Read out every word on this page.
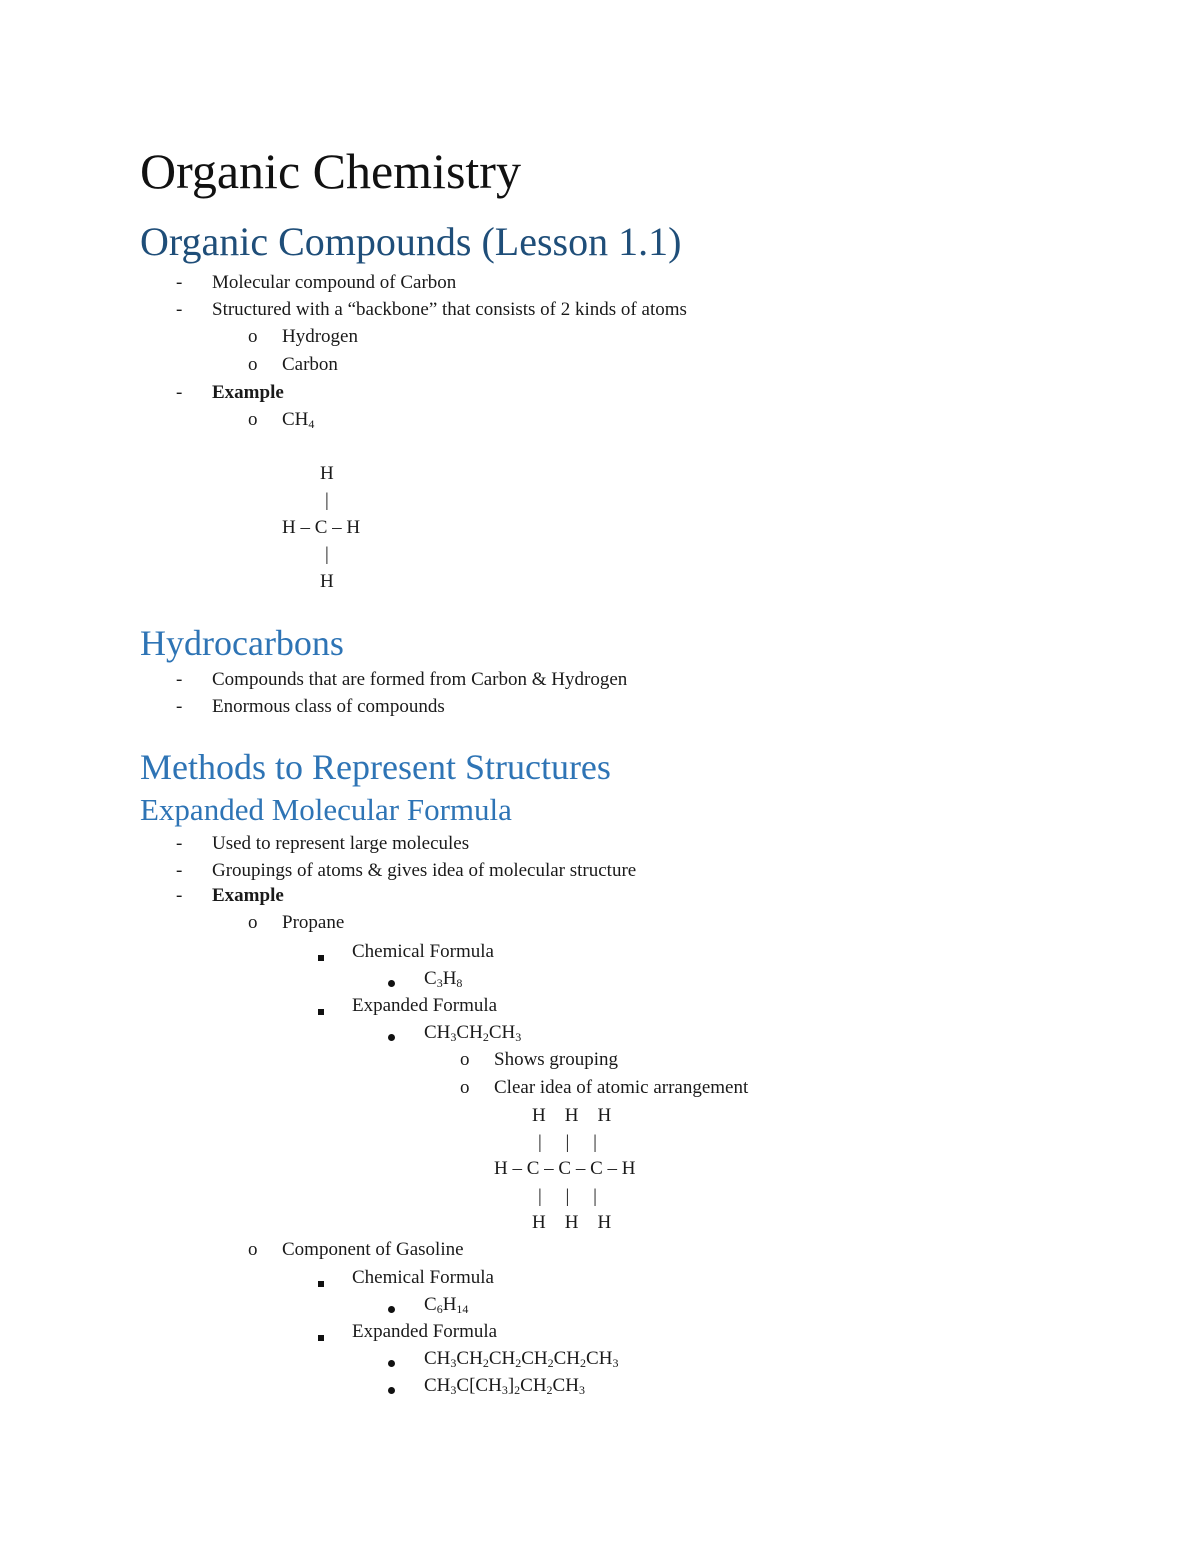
Organic Chemistry
Organic Compounds (Lesson 1.1)
- Molecular compound of Carbon
- Structured with a “backbone” that consists of 2 kinds of atoms
o Hydrogen
o Carbon
- Example
o $CH_4$
H
|
H – C – H
|
H
Hydrocarbons
- Compounds that are formed from Carbon & Hydrogen
- Enormous class of compounds
Methods to Represent Structures
Expanded Molecular Formula
- Used to represent large molecules
- Groupings of atoms & gives idea of molecular structure
- Example
o Propane
Chemical Formula
$C_3H_8$
Expanded Formula
$CH_3CH_2CH_3$
o Shows grouping
o Clear idea of atomic arrangement
H    H    H
|     |     |
H – C – C – C – H
|     |     |
H    H    H
o Component of Gasoline
Chemical Formula
$C_6H_{14}$
Expanded Formula
$CH_3CH_2CH_2CH_2CH_2CH_3$
$CH_3C[CH_3]_2CH_2CH_3$
